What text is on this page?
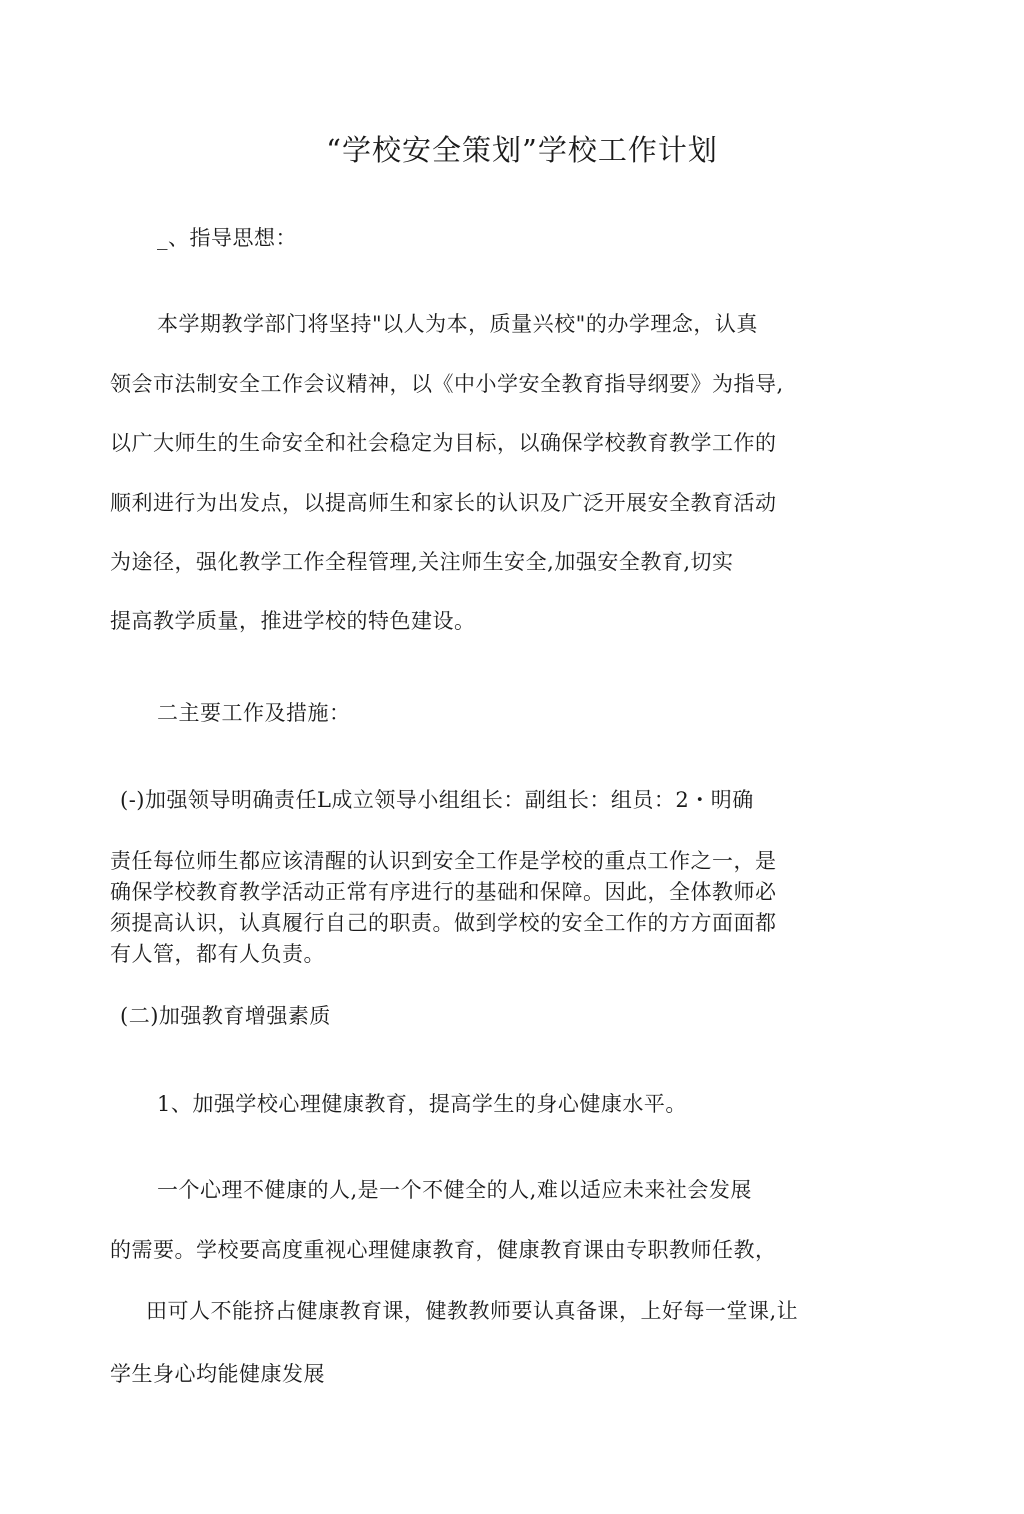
“学校安全策划”学校工作计划
_、指导思想：
本学期教学部门将坚持"以人为本，质量兴校"的办学理念，认真
领会市法制安全工作会议精神，以《中小学安全教育指导纲要》为指导,
以广大师生的生命安全和社会稳定为目标，以确保学校教育教学工作的
顺利进行为出发点，以提高师生和家长的认识及广泛开展安全教育活动
为途径，强化教学工作全程管理,关注师生安全,加强安全教育,切实
提高教学质量，推进学校的特色建设。
二主要工作及措施：
(-)加强领导明确责任L成立领导小组组长：副组长：组员：2・明确
责任每位师生都应该清醒的认识到安全工作是学校的重点工作之一，是
确保学校教育教学活动正常有序进行的基础和保障。因此，全体教师必
须提高认识，认真履行自己的职责。做到学校的安全工作的方方面面都
有人管，都有人负责。
(二)加强教育增强素质
1、加强学校心理健康教育，提高学生的身心健康水平。
一个心理不健康的人,是一个不健全的人,难以适应未来社会发展
的需要。学校要高度重视心理健康教育，健康教育课由专职教师任教，
田可人不能挤占健康教育课，健教教师要认真备课，上好每一堂课,让
学生身心均能健康发展
